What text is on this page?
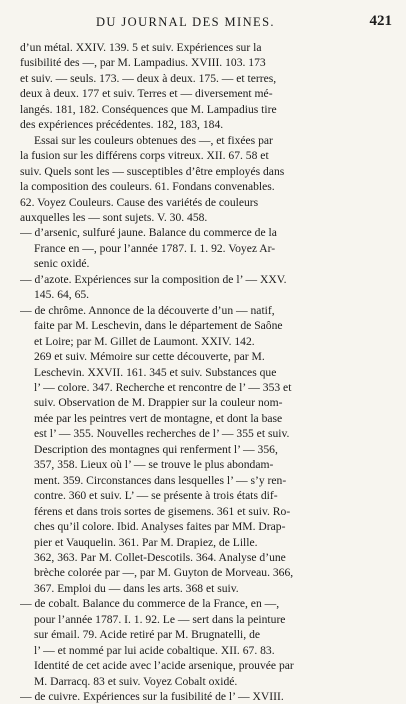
DU JOURNAL DES MINES.	421
d’un métal. XXIV. 139. 5 et suiv. Expériences sur la
fusibilité des —, par M. Lampadius. XVIII. 103. 173
et suiv. — seuls. 173. — deux à deux. 175. — et terres,
deux à deux. 177 et suiv. Terres et — diversement mé-
langés. 181, 182. Conséquences que M. Lampadius tire
des expériences précédentes. 182, 183, 184.
Essai sur les couleurs obtenues des —, et fixées par
la fusion sur les différens corps vitreux. XII. 67. 58 et
suiv. Quels sont les — susceptibles d’être employés dans
la composition des couleurs. 61. Fondans convenables.
62. Voyez Couleurs. Cause des variétés de couleurs
auxquelles les — sont sujets. V. 30. 458.
— d’arsenic, sulfuré jaune. Balance du commerce de la
France en —, pour l’année 1787. I. 1. 92. Voyez Ar-
senic oxidé.
— d’azote. Expériences sur la composition de l’ — XXV.
145. 64, 65.
— de chrôme. Annonce de la découverte d’un — natif,
faite par M. Leschevin, dans le département de Saône
et Loire; par M. Gillet de Laumont. XXIV. 142.
269 et suiv. Mémoire sur cette découverte, par M.
Leschevin. XXVII. 161. 345 et suiv. Substances que
l’ — colore. 347. Recherche et rencontre de l’ — 353 et
suiv. Observation de M. Drappier sur la couleur nom-
mée par les peintres vert de montagne, et dont la base
est l’ — 355. Nouvelles recherches de l’ — 355 et suiv.
Description des montagnes qui renferment l’ — 356,
357, 358. Lieux où l’ — se trouve le plus abondam-
ment. 359. Circonstances dans lesquelles l’ — s’y ren-
contre. 360 et suiv. L’ — se présente à trois états dif-
férens et dans trois sortes de gisemens. 361 et suiv. Ro-
ches qu’il colore. Ibid. Analyses faites par MM. Drap-
pier et Vauquelin. 361. Par M. Drapiez, de Lille.
362, 363. Par M. Collet-Descotils. 364. Analyse d’une
brèche colorée par —, par M. Guyton de Morveau. 366,
367. Emploi du — dans les arts. 368 et suiv.
— de cobalt. Balance du commerce de la France, en —,
pour l’année 1787. I. 1. 92. Le — sert dans la peinture
sur émail. 79. Acide retiré par M. Brugnatelli, de
l’ — et nommé par lui acide cobaltique. XII. 67. 83.
Identité de cet acide avec l’acide arsenique, prouvée par
M. Darracq. 83 et suiv. Voyez Cobalt oxidé.
— de cuivre. Expériences sur la fusibilité de l’ — XVIII.
